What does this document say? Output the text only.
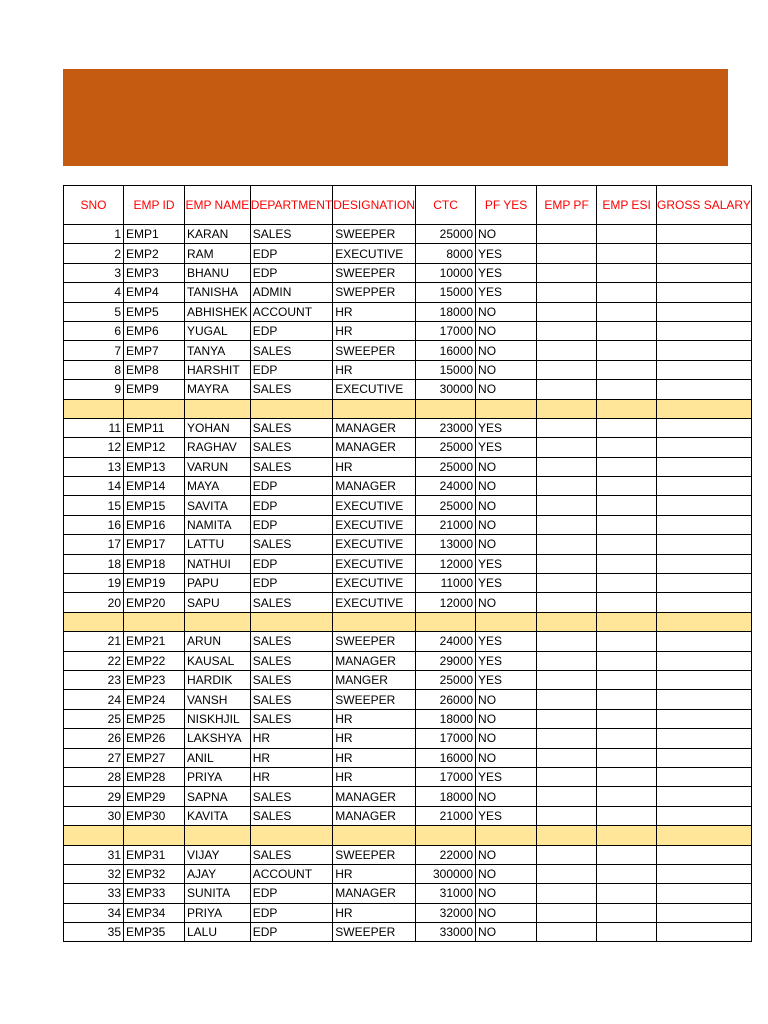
SNO	EMP ID	EMP NAME	DEPARTMENT	DESIGNATION	CTC	PF YES	EMP PF	EMP ESI	GROSS SALARY
1	EMP1	KARAN	SALES	SWEEPER	25000	NO			
2	EMP2	RAM	EDP	EXECUTIVE	8000	YES			
3	EMP3	BHANU	EDP	SWEEPER	10000	YES			
4	EMP4	TANISHA	ADMIN	SWEPPER	15000	YES			
5	EMP5	ABHISHEK	ACCOUNT	HR	18000	NO			
6	EMP6	YUGAL	EDP	HR	17000	NO			
7	EMP7	TANYA	SALES	SWEEPER	16000	NO			
8	EMP8	HARSHIT	EDP	HR	15000	NO			
9	EMP9	MAYRA	SALES	EXECUTIVE	30000	NO			

11	EMP11	YOHAN	SALES	MANAGER	23000	YES			
12	EMP12	RAGHAV	SALES	MANAGER	25000	YES			
13	EMP13	VARUN	SALES	HR	25000	NO			
14	EMP14	MAYA	EDP	MANAGER	24000	NO			
15	EMP15	SAVITA	EDP	EXECUTIVE	25000	NO			
16	EMP16	NAMITA	EDP	EXECUTIVE	21000	NO			
17	EMP17	LATTU	SALES	EXECUTIVE	13000	NO			
18	EMP18	NATHUI	EDP	EXECUTIVE	12000	YES			
19	EMP19	PAPU	EDP	EXECUTIVE	11000	YES			
20	EMP20	SAPU	SALES	EXECUTIVE	12000	NO			

21	EMP21	ARUN	SALES	SWEEPER	24000	YES			
22	EMP22	KAUSAL	SALES	MANAGER	29000	YES			
23	EMP23	HARDIK	SALES	MANGER	25000	YES			
24	EMP24	VANSH	SALES	SWEEPER	26000	NO			
25	EMP25	NISKHJIL	SALES	HR	18000	NO			
26	EMP26	LAKSHYA	HR	HR	17000	NO			
27	EMP27	ANIL	HR	HR	16000	NO			
28	EMP28	PRIYA	HR	HR	17000	YES			
29	EMP29	SAPNA	SALES	MANAGER	18000	NO			
30	EMP30	KAVITA	SALES	MANAGER	21000	YES			

31	EMP31	VIJAY	SALES	SWEEPER	22000	NO			
32	EMP32	AJAY	ACCOUNT	HR	300000	NO			
33	EMP33	SUNITA	EDP	MANAGER	31000	NO			
34	EMP34	PRIYA	EDP	HR	32000	NO			
35	EMP35	LALU	EDP	SWEEPER	33000	NO			
